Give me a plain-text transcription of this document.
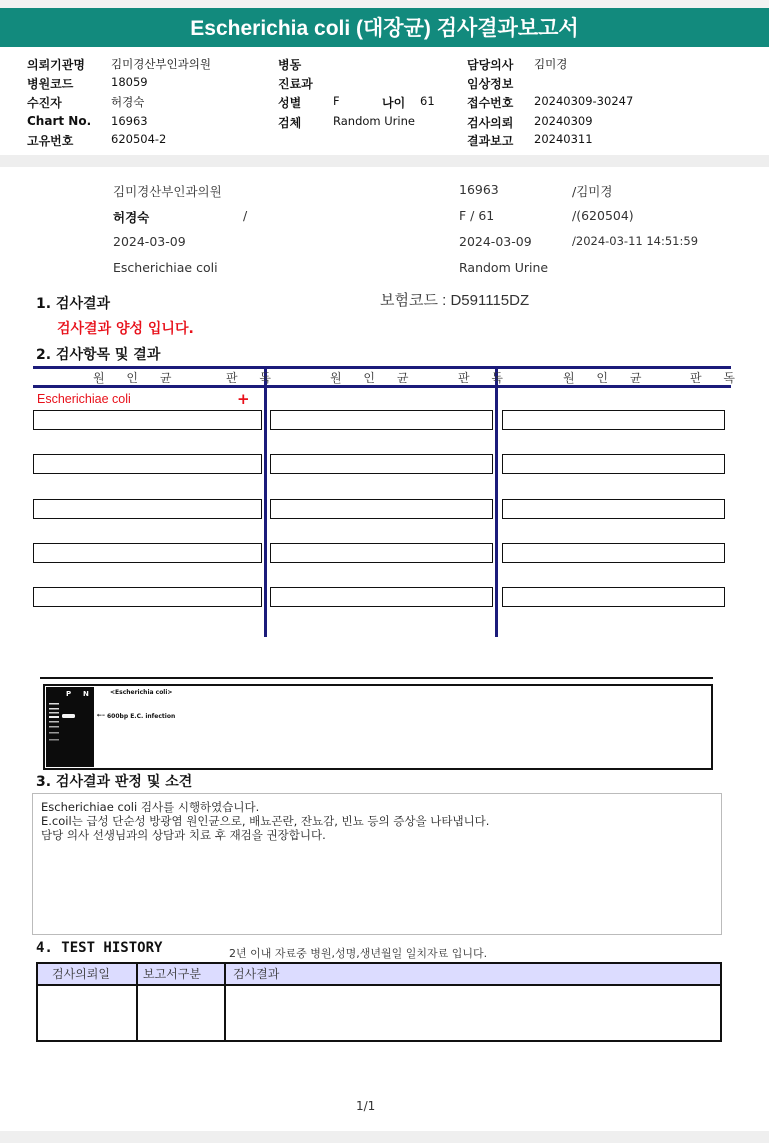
Escherichia coli (대장균) 검사결과보고서
의뢰기관명 김미경산부인과의원	병동	담당의사 김미경
병원코드	18059	진료과	임상정보
수진자	허경숙	성별	F	나이 61	접수번호 20240309-30247
Chart No. 16963	검체	Random Urine	검사의뢰 20240309
고유번호	620504-2	결과보고 20240311
김미경산부인과의원	16963	/김미경
허경숙	/	F / 61	/(620504)
2024-03-09	2024-03-09	/2024-03-11 14:51:59
Escherichiae coli	Random Urine
1. 검사결과	보험코드 : D591115DZ
검사결과 양성 입니다.
2. 검사항목 및 결과
원 인 균	판 독	원 인 균	판 독	원 인 균	판 독
Escherichiae coli	+
P N	<Escherichia coli>
←– 600bp E.C. infection
3. 검사결과 판정 및 소견
Escherichiae coli 검사를 시행하였습니다.
E.coil는 급성 단순성 방광염 원인균으로, 배뇨곤란, 잔뇨감, 빈뇨 등의 증상을 나타냅니다.
담당 의사 선생님과의 상담과 치료 후 재검을 권장합니다.
4. TEST HISTORY	2년 이내 자료중 병원,성명,생년월일 일치자료 입니다.
검사의뢰일	보고서구분	검사결과
1/1
